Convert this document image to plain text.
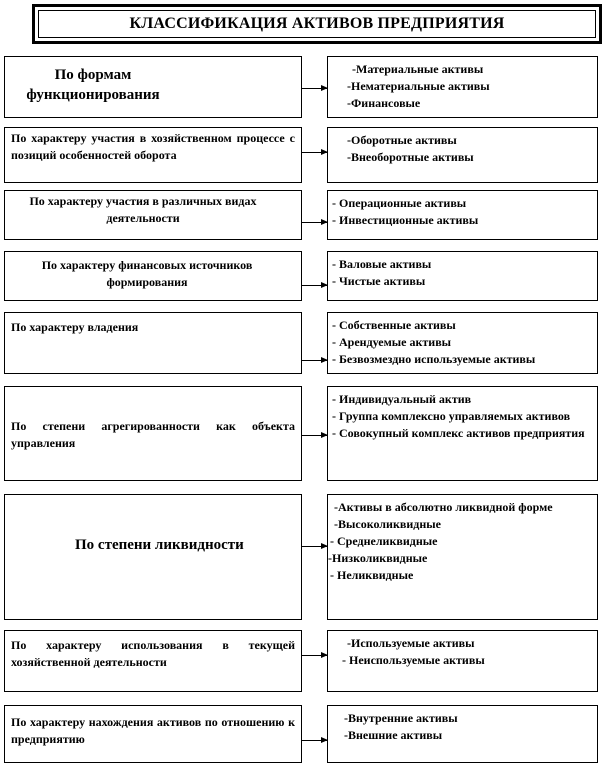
КЛАССИФИКАЦИЯ АКТИВОВ ПРЕДПРИЯТИЯ
По формам функционирования
-Материальные активы
-Нематериальные активы
-Финансовые
По характеру участия в хозяйственном процессе с позиций особенностей оборота
-Оборотные активы
-Внеоборотные активы
По характеру участия в различных видах деятельности
- Операционные активы
- Инвестиционные активы
По характеру финансовых источников формирования
- Валовые активы
- Чистые активы
По характеру владения	- Собственные активы
- Арендуемые активы
- Безвозмездно используемые активы
По степени агрегированности как объекта управления
- Индивидуальный актив
- Группа комплексно управляемых активов
- Совокупный комплекс активов предприятия
По степени ликвидности
-Активы в абсолютно ликвидной форме
-Высоколиквидные
- Среднеликвидные
-Низколиквидные
- Неликвидные
По характеру использования в текущей хозяйственной деятельности
-Используемые активы
- Неиспользуемые активы
По характеру нахождения активов по отношению к предприятию
-Внутренние активы
-Внешние активы
